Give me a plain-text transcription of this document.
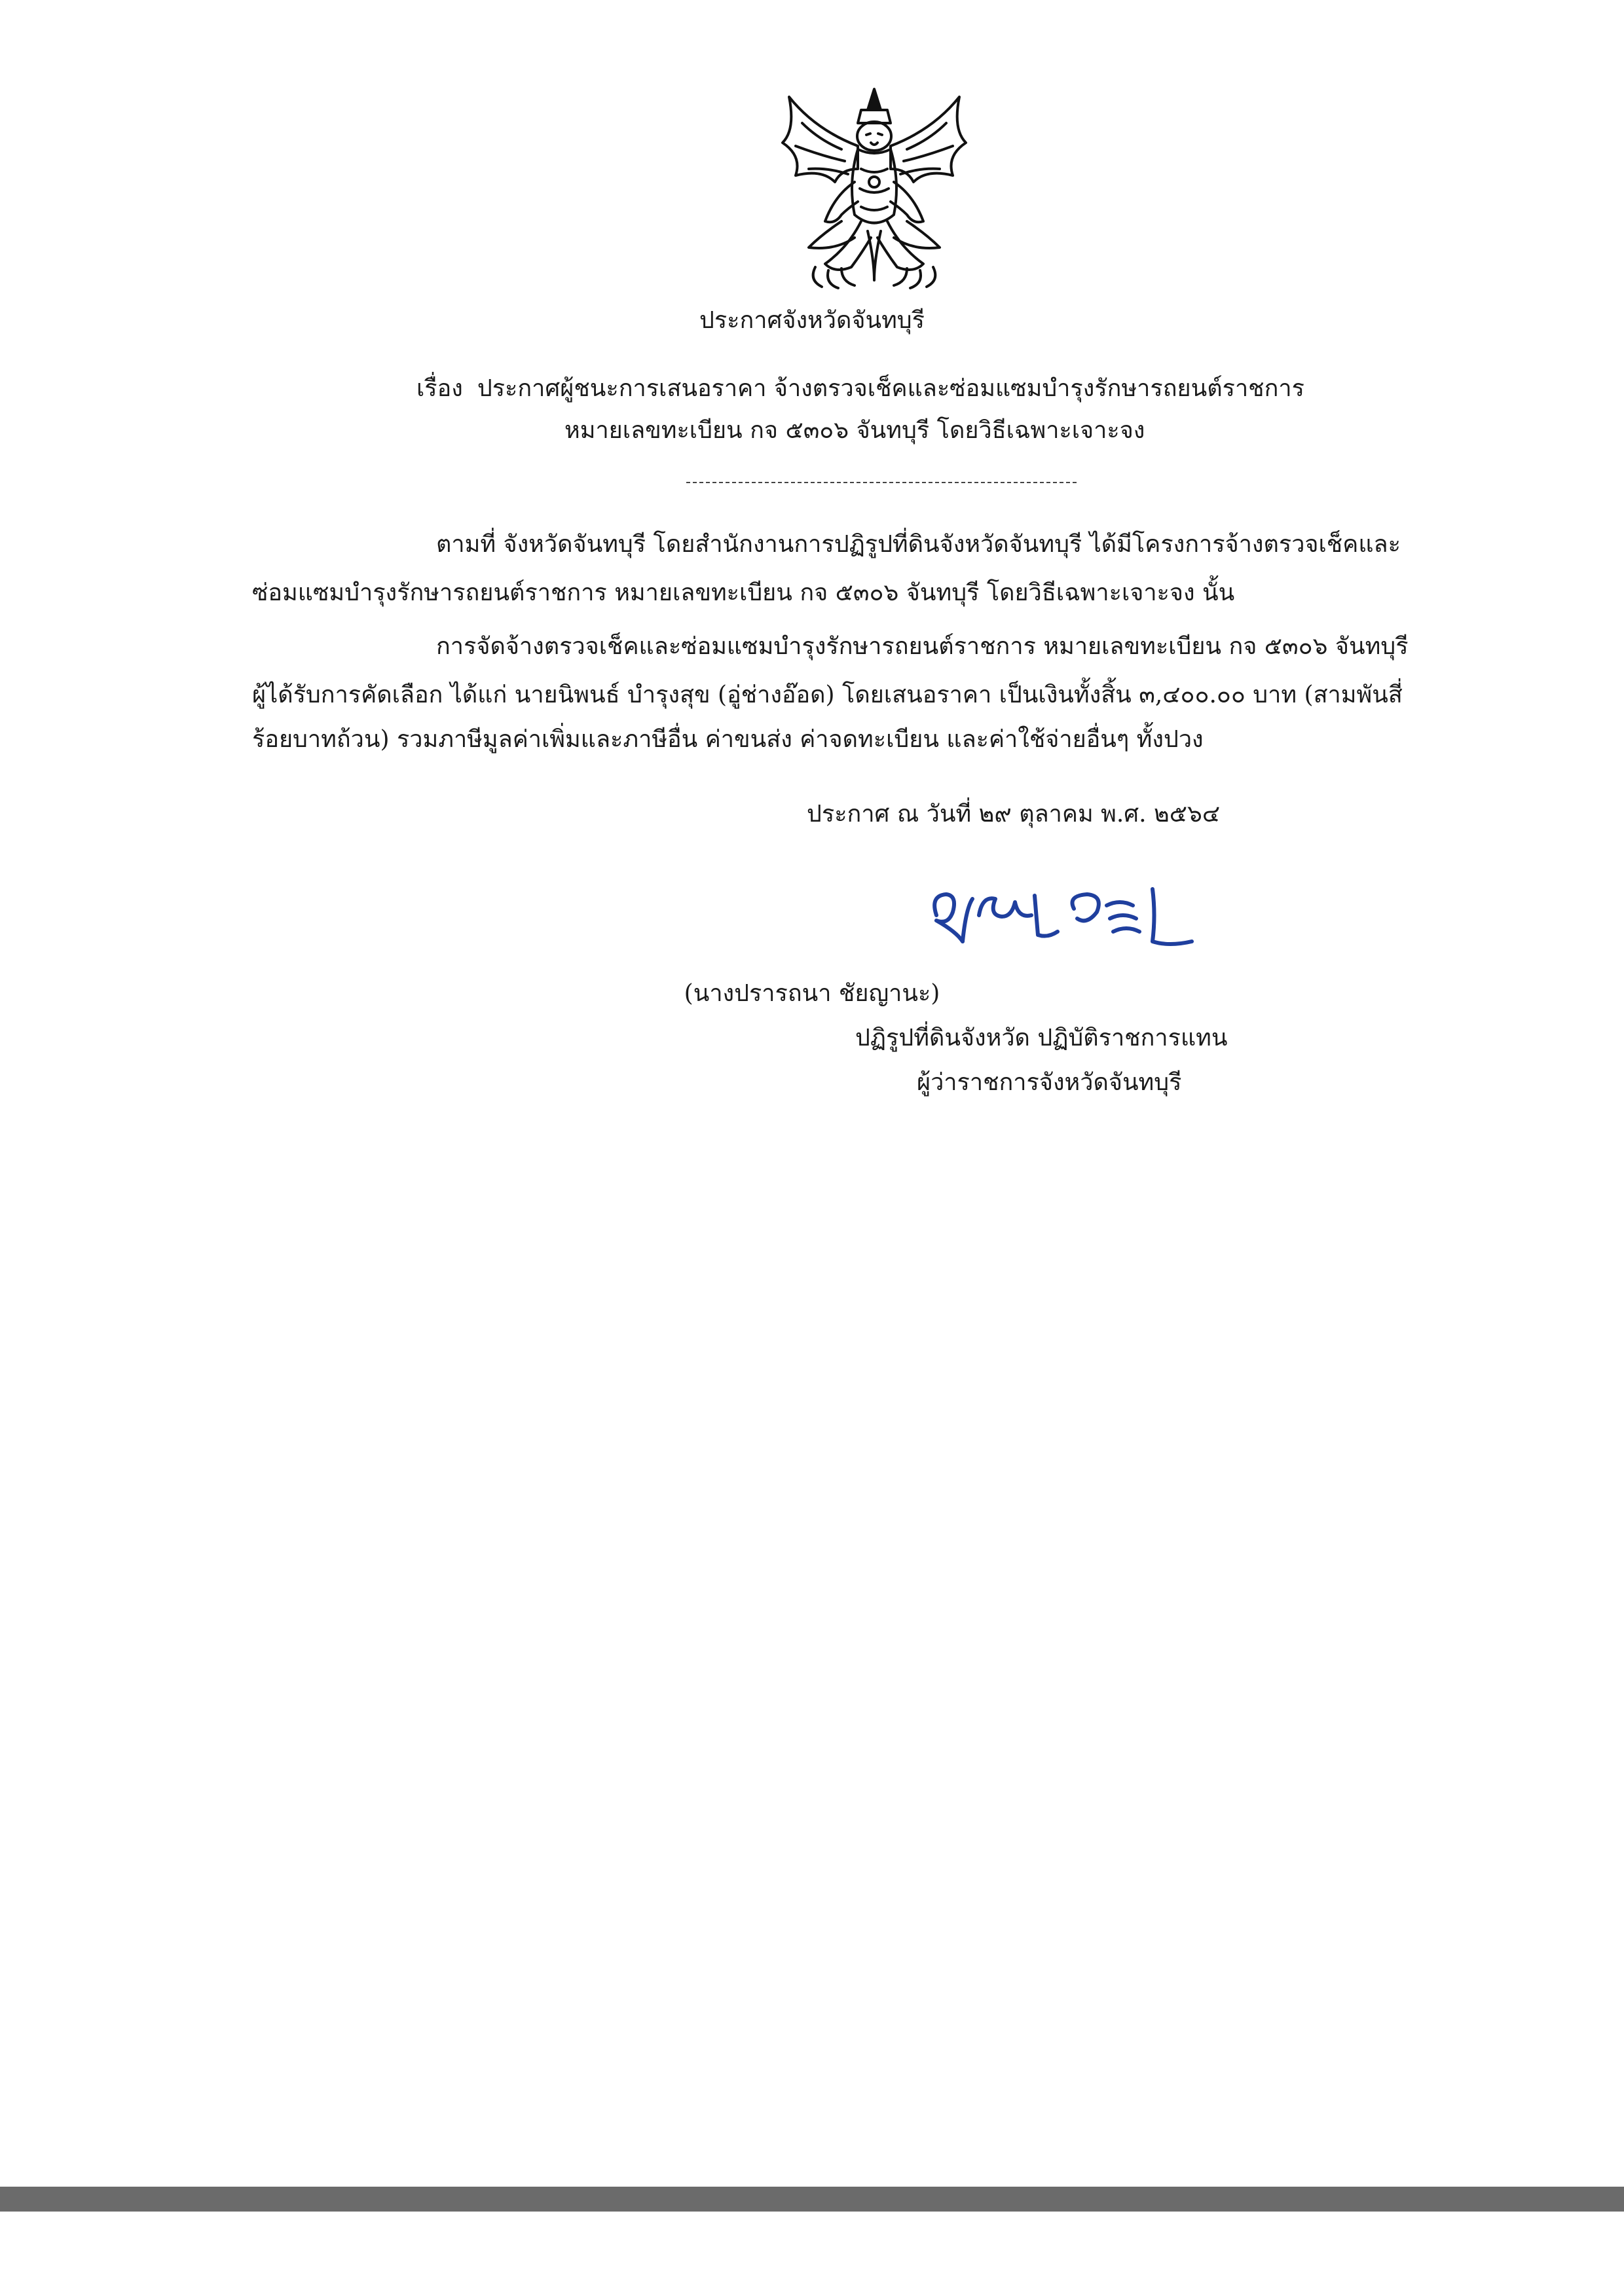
ประกาศจังหวัดจันทบุรี
เรื่อง ประกาศผู้ชนะการเสนอราคา จ้างตรวจเช็คและซ่อมแซมบำรุงรักษารถยนต์ราชการ
หมายเลขทะเบียน กจ ๕๓๐๖ จันทบุรี โดยวิธีเฉพาะเจาะจง
ตามที่ จังหวัดจันทบุรี โดยสำนักงานการปฏิรูปที่ดินจังหวัดจันทบุรี ได้มีโครงการจ้างตรวจเช็คและ
ซ่อมแซมบำรุงรักษารถยนต์ราชการ หมายเลขทะเบียน กจ ๕๓๐๖ จันทบุรี โดยวิธีเฉพาะเจาะจง นั้น
การจัดจ้างตรวจเช็คและซ่อมแซมบำรุงรักษารถยนต์ราชการ หมายเลขทะเบียน กจ ๕๓๐๖ จันทบุรี
ผู้ได้รับการคัดเลือก ได้แก่ นายนิพนธ์ บำรุงสุข (อู่ช่างอ๊อด) โดยเสนอราคา เป็นเงินทั้งสิ้น ๓,๔๐๐.๐๐ บาท (สามพันสี่
ร้อยบาทถ้วน) รวมภาษีมูลค่าเพิ่มและภาษีอื่น ค่าขนส่ง ค่าจดทะเบียน และค่าใช้จ่ายอื่นๆ ทั้งปวง
ประกาศ ณ วันที่ ๒๙ ตุลาคม พ.ศ. ๒๕๖๔
(นางปรารถนา ชัยญานะ)
ปฏิรูปที่ดินจังหวัด ปฏิบัติราชการแทน
ผู้ว่าราชการจังหวัดจันทบุรี
